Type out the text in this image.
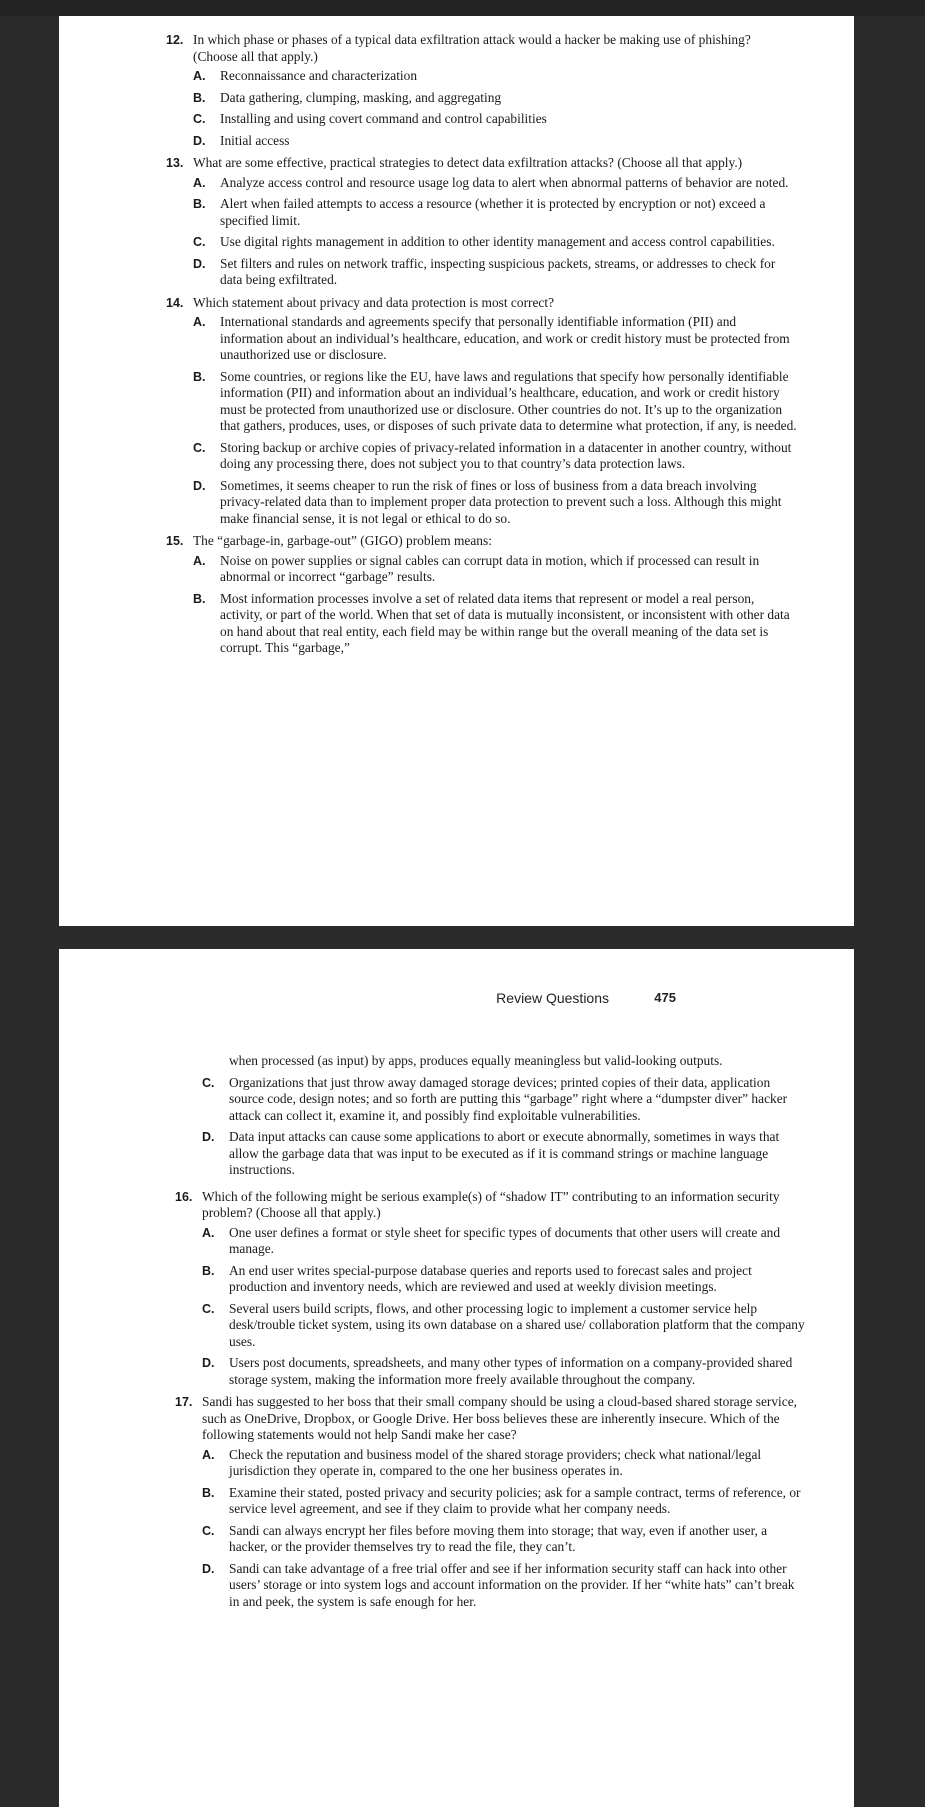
12. In which phase or phases of a typical data exfiltration attack would a hacker be making use of phishing? (Choose all that apply.)
A.	Reconnaissance and characterization
B.	Data gathering, clumping, masking, and aggregating
C.	Installing and using covert command and control capabilities
D.	Initial access
13. What are some effective, practical strategies to detect data exfiltration attacks? (Choose all that apply.)
A.	Analyze access control and resource usage log data to alert when abnormal patterns of behavior are noted.
B.	Alert when failed attempts to access a resource (whether it is protected by encryption or not) exceed a specified limit.
C.	Use digital rights management in addition to other identity management and access control capabilities.
D.	Set filters and rules on network traffic, inspecting suspicious packets, streams, or addresses to check for data being exfiltrated.
14. Which statement about privacy and data protection is most correct?
A.	International standards and agreements specify that personally identifiable information (PII) and information about an individual’s healthcare, education, and work or credit history must be protected from unauthorized use or disclosure.
B.	Some countries, or regions like the EU, have laws and regulations that specify how personally identifiable information (PII) and information about an individual’s healthcare, education, and work or credit history must be protected from unauthorized use or disclosure. Other countries do not. It’s up to the organization that gathers, produces, uses, or disposes of such private data to determine what protection, if any, is needed.
C.	Storing backup or archive copies of privacy-related information in a datacenter in another country, without doing any processing there, does not subject you to that country’s data protection laws.
D.	Sometimes, it seems cheaper to run the risk of fines or loss of business from a data breach involving privacy-related data than to implement proper data protection to prevent such a loss. Although this might make financial sense, it is not legal or ethical to do so.
15. The “garbage-in, garbage-out” (GIGO) problem means:
A.	Noise on power supplies or signal cables can corrupt data in motion, which if processed can result in abnormal or incorrect “garbage” results.
B.	Most information processes involve a set of related data items that represent or model a real person, activity, or part of the world. When that set of data is mutually inconsistent, or inconsistent with other data on hand about that real entity, each field may be within range but the overall meaning of the data set is corrupt. This “garbage,”
Review Questions	475
when processed (as input) by apps, produces equally meaningless but valid-looking outputs.
C.	Organizations that just throw away damaged storage devices; printed copies of their data, application source code, design notes; and so forth are putting this “garbage” right where a “dumpster diver” hacker attack can collect it, examine it, and possibly find exploitable vulnerabilities.
D.	Data input attacks can cause some applications to abort or execute abnormally, sometimes in ways that allow the garbage data that was input to be executed as if it is command strings or machine language instructions.
16. Which of the following might be serious example(s) of “shadow IT” contributing to an information security problem? (Choose all that apply.)
A.	One user defines a format or style sheet for specific types of documents that other users will create and manage.
B.	An end user writes special-purpose database queries and reports used to forecast sales and project production and inventory needs, which are reviewed and used at weekly division meetings.
C.	Several users build scripts, flows, and other processing logic to implement a customer service help desk/trouble ticket system, using its own database on a shared use/ collaboration platform that the company uses.
D.	Users post documents, spreadsheets, and many other types of information on a company-provided shared storage system, making the information more freely available throughout the company.
17. Sandi has suggested to her boss that their small company should be using a cloud-based shared storage service, such as OneDrive, Dropbox, or Google Drive. Her boss believes these are inherently insecure. Which of the following statements would not help Sandi make her case?
A.	Check the reputation and business model of the shared storage providers; check what national/legal jurisdiction they operate in, compared to the one her business operates in.
B.	Examine their stated, posted privacy and security policies; ask for a sample contract, terms of reference, or service level agreement, and see if they claim to provide what her company needs.
C.	Sandi can always encrypt her files before moving them into storage; that way, even if another user, a hacker, or the provider themselves try to read the file, they can’t.
D.	Sandi can take advantage of a free trial offer and see if her information security staff can hack into other users’ storage or into system logs and account information on the provider. If her “white hats” can’t break in and peek, the system is safe enough for her.
